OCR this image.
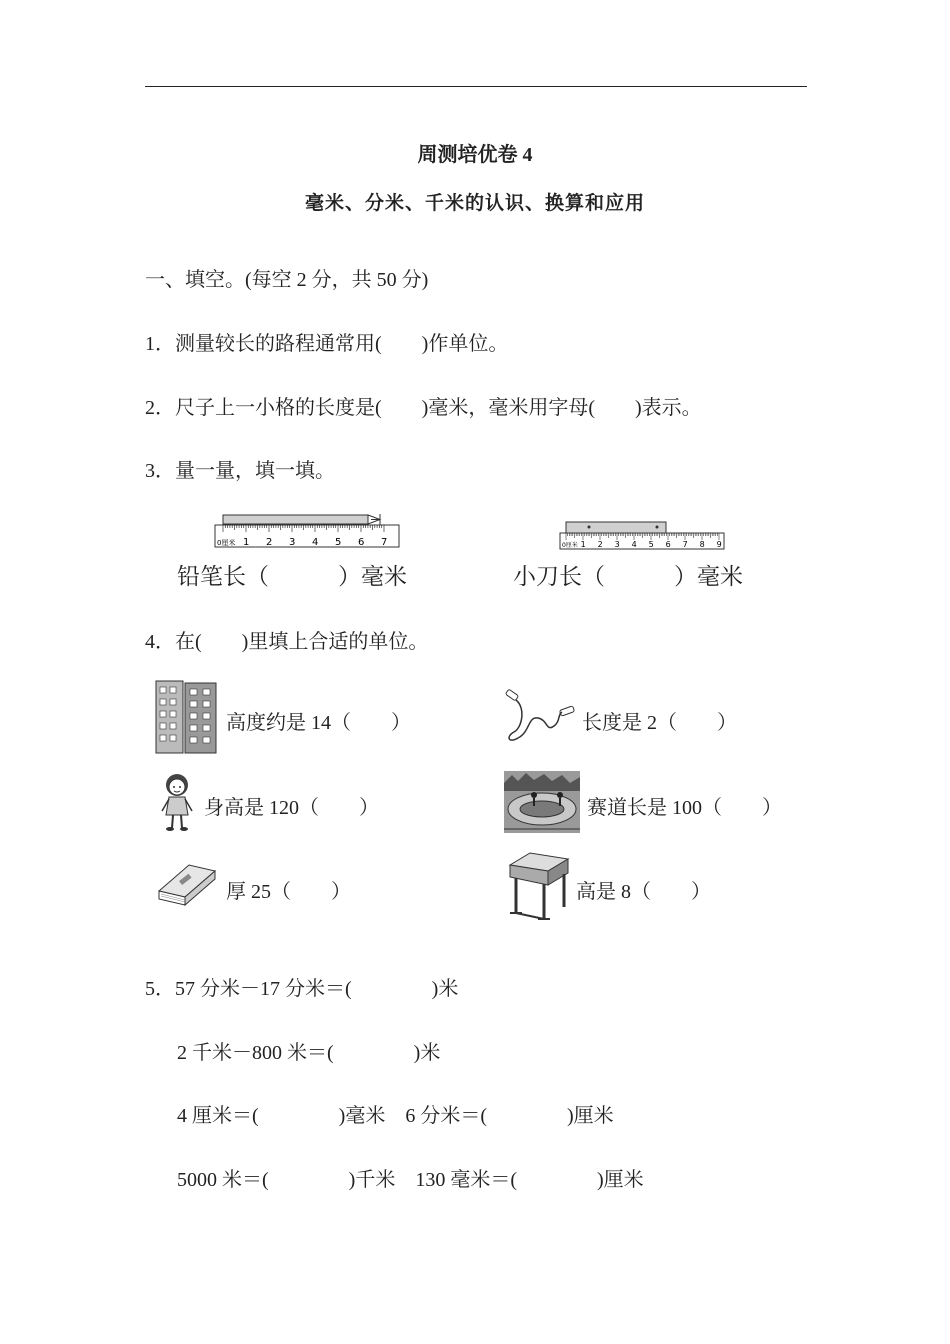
周测培优卷 4
毫米、分米、千米的认识、换算和应用
一、填空。(每空 2 分，共 50 分)
1．测量较长的路程通常用(　　)作单位。
2．尺子上一小格的长度是(　　)毫米，毫米用字母(　　)表示。
3．量一量，填一填。
0厘米 1 2 3 4 5 6 7	0厘米 1 2 3 4 5 6 7 8 9
铅笔长（　　　）毫米	小刀长（　　　）毫米
4．在(　　)里填上合适的单位。
高度约是 14（　　）	长度是 2（　　）
身高是 120（　　）	赛道长是 100（　　）
厚 25（　　）	高是 8（　　）
5．57 分米－17 分米＝(　　　　)米
2 千米－800 米＝(　　　　)米
4 厘米＝(　　　　)毫米　6 分米＝(　　　　)厘米
5000 米＝(　　　　)千米　130 毫米＝(　　　　)厘米
